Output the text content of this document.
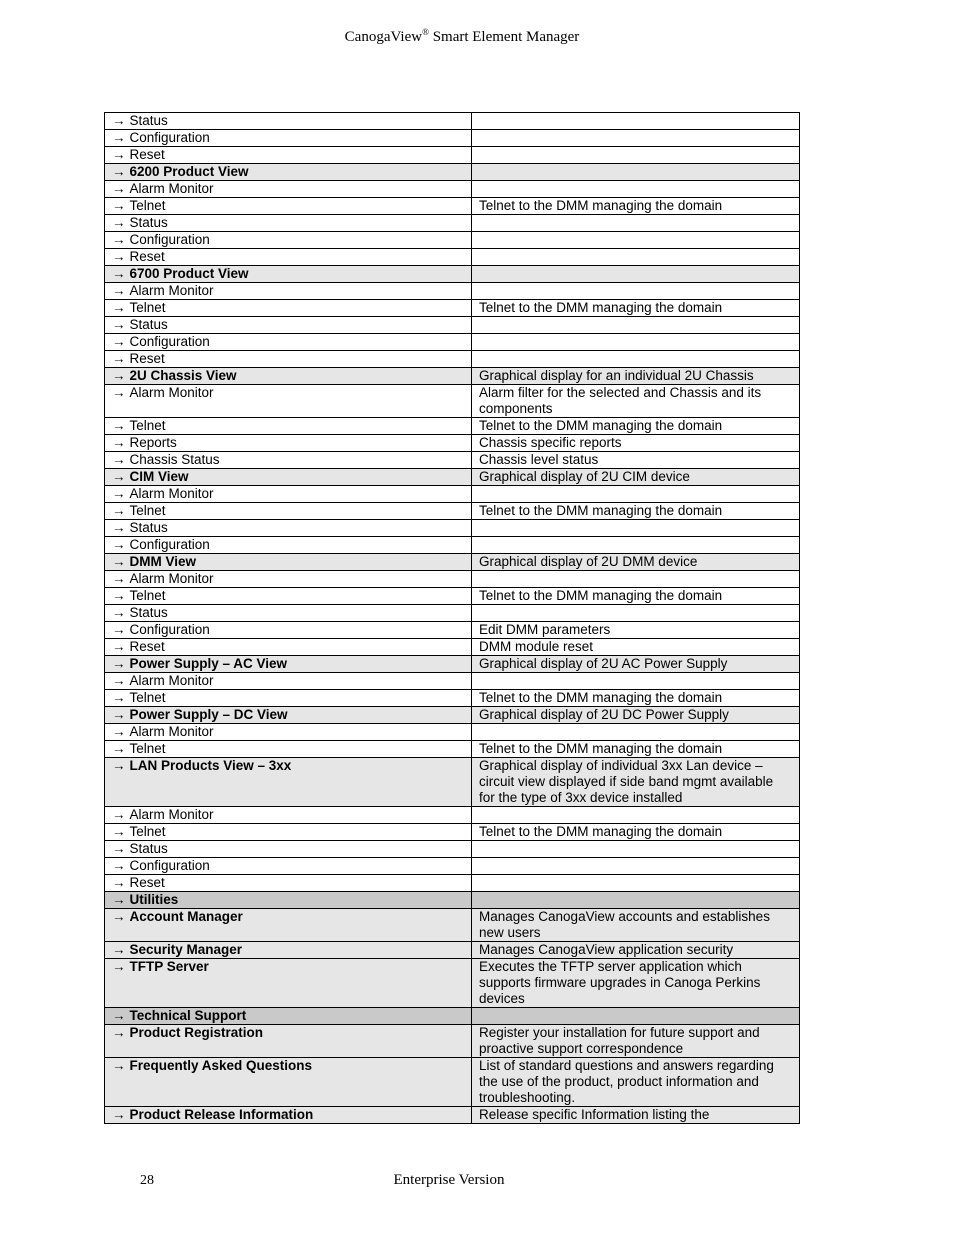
CanogaView® Smart Element Manager
→ Status	
→ Configuration	
→ Reset	
→ 6200 Product View	
→ Alarm Monitor	
→ Telnet	Telnet to the DMM managing the domain
→ Status	
→ Configuration	
→ Reset	
→ 6700 Product View	
→ Alarm Monitor	
→ Telnet	Telnet to the DMM managing the domain
→ Status	
→ Configuration	
→ Reset	
→ 2U Chassis View	Graphical display for an individual 2U Chassis
→ Alarm Monitor	Alarm filter for the selected and Chassis and its components
→ Telnet	Telnet to the DMM managing the domain
→ Reports	Chassis specific reports
→ Chassis Status	Chassis level status
→ CIM View	Graphical display of 2U CIM device
→ Alarm Monitor	
→ Telnet	Telnet to the DMM managing the domain
→ Status	
→ Configuration	
→ DMM View	Graphical display of 2U DMM device
→ Alarm Monitor	
→ Telnet	Telnet to the DMM managing the domain
→ Status	
→ Configuration	Edit DMM parameters
→ Reset	DMM module reset
→ Power Supply – AC View	Graphical display of 2U AC Power Supply
→ Alarm Monitor	
→ Telnet	Telnet to the DMM managing the domain
→ Power Supply – DC View	Graphical display of 2U DC Power Supply
→ Alarm Monitor	
→ Telnet	Telnet to the DMM managing the domain
→ LAN Products View – 3xx	Graphical display of individual 3xx Lan device – circuit view displayed if side band mgmt available for the type of 3xx device installed
→ Alarm Monitor	
→ Telnet	Telnet to the DMM managing the domain
→ Status	
→ Configuration	
→ Reset	
→ Utilities	
→ Account Manager	Manages CanogaView accounts and establishes new users
→ Security Manager	Manages CanogaView application security
→ TFTP Server	Executes the TFTP server application which supports firmware upgrades in Canoga Perkins devices
→ Technical Support	
→ Product Registration	Register your installation for future support and proactive support correspondence
→ Frequently Asked Questions	List of standard questions and answers regarding the use of the product, product information and troubleshooting.
→ Product Release Information	Release specific Information listing the
28	Enterprise Version
